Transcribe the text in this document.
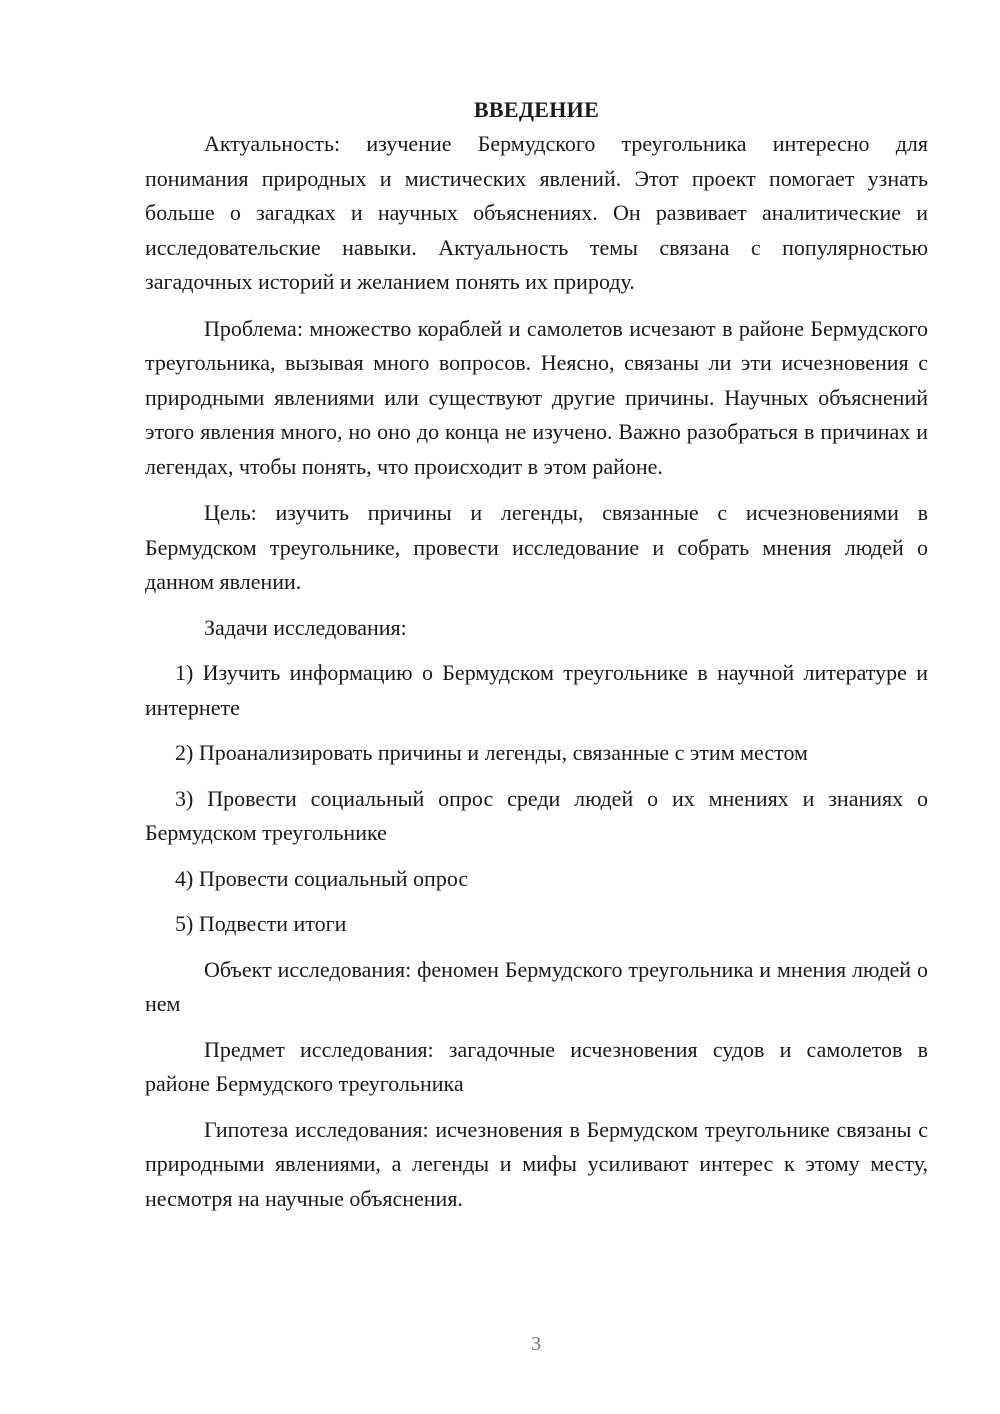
ВВЕДЕНИЕ

Актуальность: изучение Бермудского треугольника интересно для понимания природных и мистических явлений. Этот проект помогает узнать больше о загадках и научных объяснениях. Он развивает аналитические и исследовательские навыки. Актуальность темы связана с популярностью загадочных историй и желанием понять их природу.

Проблема: множество кораблей и самолетов исчезают в районе Бермудского треугольника, вызывая много вопросов. Неясно, связаны ли эти исчезновения с природными явлениями или существуют другие причины. Научных объяснений этого явления много, но оно до конца не изучено. Важно разобраться в причинах и легендах, чтобы понять, что происходит в этом районе.

Цель: изучить причины и легенды, связанные с исчезновениями в Бермудском треугольнике, провести исследование и собрать мнения людей о данном явлении.

Задачи исследования:

1) Изучить информацию о Бермудском треугольнике в научной литературе и интернете

2) Проанализировать причины и легенды, связанные с этим местом

3) Провести социальный опрос среди людей о их мнениях и знаниях о Бермудском треугольнике

4) Провести социальный опрос

5) Подвести итоги

Объект исследования: феномен Бермудского треугольника и мнения людей о нем

Предмет исследования: загадочные исчезновения судов и самолетов в районе Бермудского треугольника

Гипотеза исследования: исчезновения в Бермудском треугольнике связаны с природными явлениями, а легенды и мифы усиливают интерес к этому месту, несмотря на научные объяснения.

3
